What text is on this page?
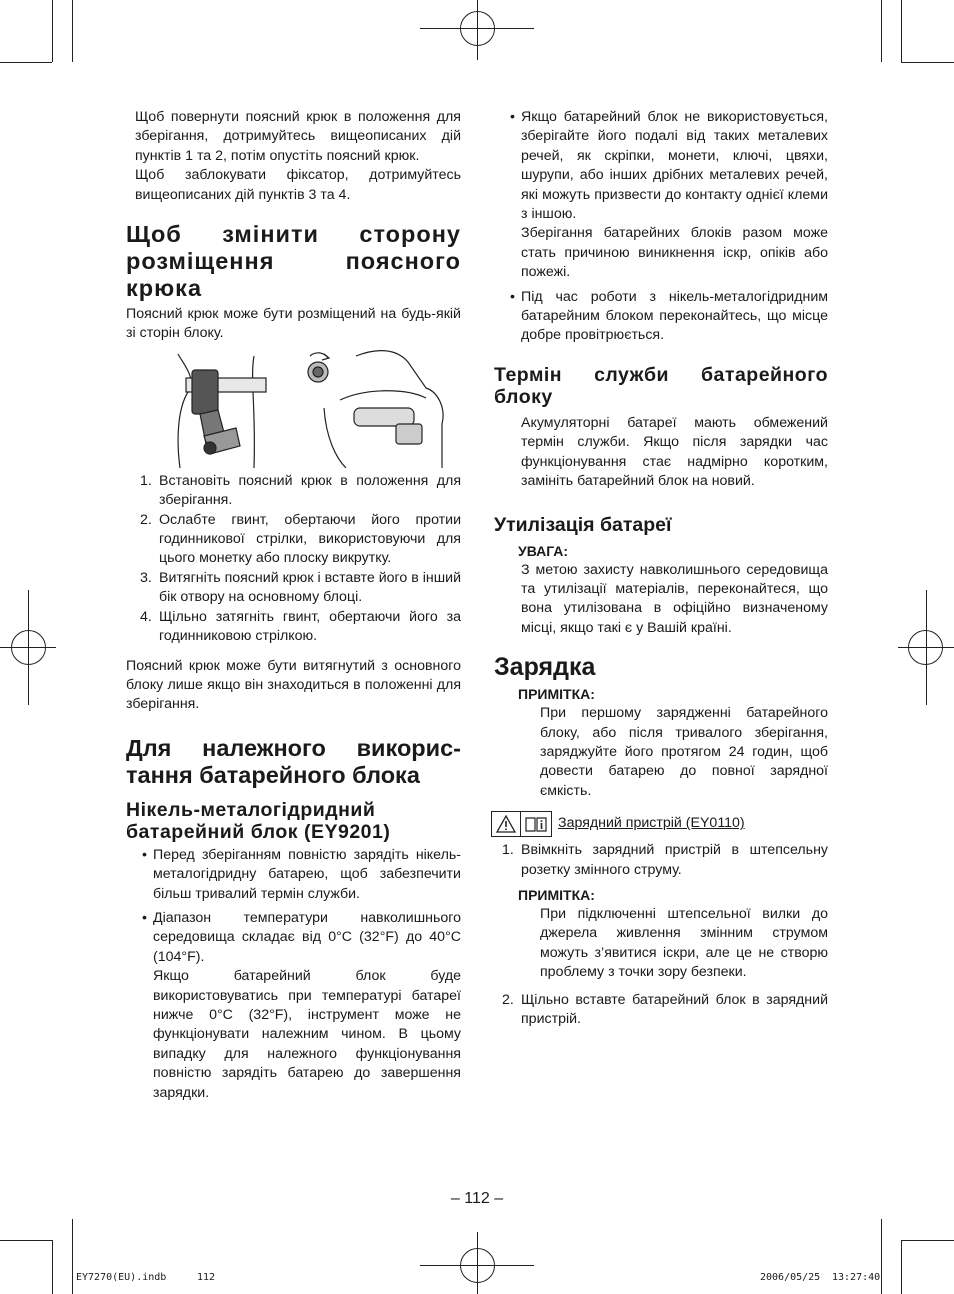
Щоб повернути поясний крюк в положення для зберігання, дотримуйтесь вищеописаних дій пунктів 1 та 2, потім опустіть поясний крюк.

Щоб заблокувати фіксатор, дотримуйтесь вищеописаних дій пунктів 3 та 4.

Щоб змінити сторону розміщення поясного крюка

Поясний крюк може бути розміщений на будь-якій зі сторін блоку.

1. Встановіть поясний крюк в положення для зберігання.
2. Ослабте гвинт, обертаючи його протии годинникової стрілки, використовуючи для цього монетку або плоску викрутку.
3. Витягніть поясний крюк і вставте його в інший бік отвору на основному блоці.
4. Щільно затягніть гвинт, обертаючи його за годинниковою стрілкою.

Поясний крюк може бути витягнутий з основного блоку лише якщо він знаходиться в положенні для зберігання.

Для належного викорис- тання батарейного блока
Нікель-металогідридний батарейний блок (EY9201)
• Перед зберіганням повністю зарядіть нікель-металогідридну батарею, щоб забезпечити більш тривалий термін служби.
• Діапазон температури навколишнього середовища складає від 0°C (32°F) до 40°C (104°F).

Якщо батарейний блок буде використовуватись при температурі батареї нижче 0°C (32°F), інструмент може не функціонувати належним чином. В цьому випадку для належного функціонування повністю зарядіть батарею до завершення зарядки.

• Якщо батарейний блок не використовується, зберігайте його подалі від таких металевих речей, як скріпки, монети, ключі, цвяхи, шурупи, або інших дрібних металевих речей, які можуть призвести до контакту однієї клеми з іншою.

Зберігання батарейних блоків разом може стать причиною виникнення іскр, опіків або пожежі.

• Під час роботи з нікель-металогідридним батарейним блоком переконайтесь, що місце добре провітрюється.
Термін служби батарейного блоку

Акумуляторні батареї мають обмежений термін служби. Якщо після зарядки час функціонування стає надмірно коротким, замініть батарейний блок на новий.

Утилізація батареї
УВАГА:

З метою захисту навколишнього середовища та утилізації матеріалів, переконайтеся, що вона утилізована в офіційно визначеному місці, якщо такі є у Вашій країні.

Зарядка
ПРИМІТКА:

При першому зарядженні батарейного блоку, або після тривалого зберігання, заряджуйте його протягом 24 годин, щоб довести батарею до повної зарядної ємкість.

Зарядний пристрій (EY0110)
1. Ввімкніть зарядний пристрій в штепсельну розетку змінного струму.
ПРИМІТКА:

При підключенні штепсельної вилки до джерела живлення змінним струмом можуть з’явитися іскри, але це не створю проблему з точки зору безпеки.

2. Щільно вставте батарейний блок в зарядний пристрій.
– 112 –
EY7270(EU).indb	112	2006/05/25 13:27:40
